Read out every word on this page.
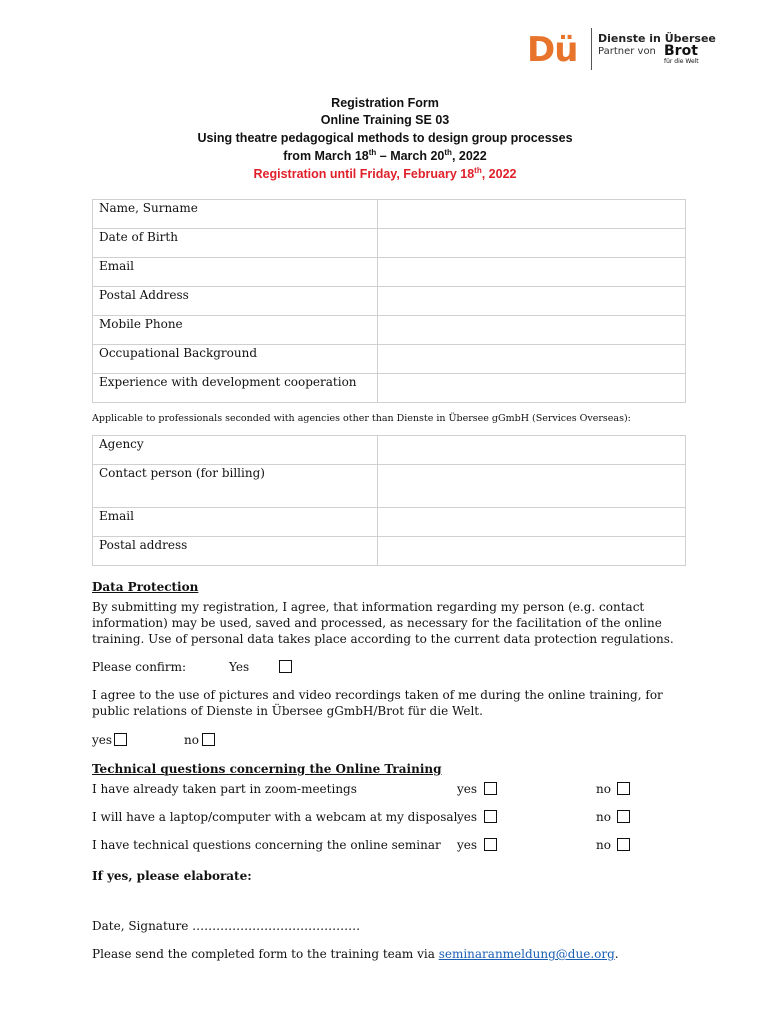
Dü Dienste in Übersee
Partner von Brot
für die Welt
Registration Form
Online Training SE 03
Using theatre pedagogical methods to design group processes
from March 18th – March 20th, 2022
Registration until Friday, February 18th, 2022
Name, Surname	
Date of Birth	
Email	
Postal Address	
Mobile Phone	
Occupational Background	
Experience with development cooperation	
Applicable to professionals seconded with agencies other than Dienste in Übersee gGmbH (Services Overseas):
Agency	
Contact person (for billing)	
Email	
Postal address	
Data Protection
By submitting my registration, I agree, that information regarding my person (e.g. contact information) may be used, saved and processed, as necessary for the facilitation of the online training. Use of personal data takes place according to the current data protection regulations.
Please confirm:	Yes
I agree to the use of pictures and video recordings taken of me during the online training, for public relations of Dienste in Übersee gGmbH/Brot für die Welt.
yes	no
Technical questions concerning the Online Training
I have already taken part in zoom-meetings	yes	no
I will have a laptop/computer with a webcam at my disposal yes	no
I have technical questions concerning the online seminar yes	no
If yes, please elaborate:
Date, Signature ……………………………………
Please send the completed form to the training team via seminaranmeldung@due.org.
